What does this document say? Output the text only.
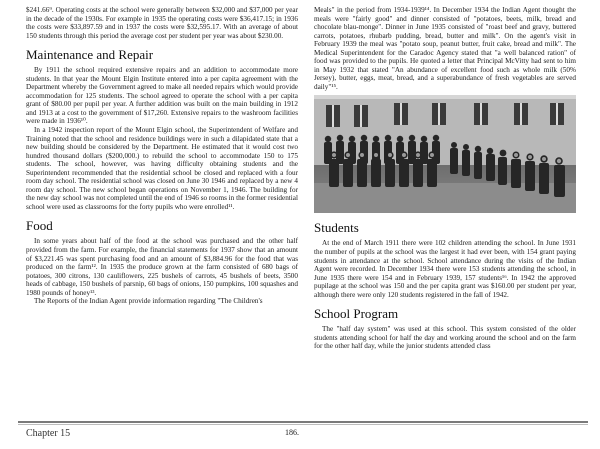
$241.66⁹. Operating costs at the school were generally between $32,000 and $37,000 per year in the decade of the 1930s. For example in 1935 the operating costs were $36,417.15; in 1936 the costs were $33,897.59 and in 1937 the costs were $32,595.17. With an average of about 150 students through this period the average cost per student per year was about $230.00.

Maintenance and Repair

By 1911 the school required extensive repairs and an addition to accommodate more students. In that year the Mount Elgin Institute entered into a per capita agreement with the Department whereby the Government agreed to make all needed repairs which would provide accommodation for 125 students. The school agreed to operate the school with a per capita grant of $80.00 per pupil per year. A further addition was built on the main building in 1912 and 1913 at a cost to the government of $17,260. Extensive repairs to the washroom facilities were made in 1936¹⁰.

In a 1942 inspection report of the Mount Elgin school, the Superintendent of Welfare and Training noted that the school and residence buildings were in such a dilapidated state that a new building should be considered by the Department. He estimated that it would cost two hundred thousand dollars ($200,000.) to rebuild the school to accommodate 150 to 175 students. The school, however, was having difficulty obtaining students and the Superintendent recommended that the residential school be closed and replaced with a four room day school. The residential school was closed on June 30 1946 and replaced by a new 4 room day school. The new school began operations on November 1, 1946. The building for the new day school was not completed until the end of 1946 so rooms in the former residential school were used as classrooms for the forty pupils who were enrolled¹¹.

Food

In some years about half of the food at the school was purchased and the other half provided from the farm. For example, the financial statements for 1937 show that an amount of $3,221.45 was spent purchasing food and an amount of $3,884.96 for the food that was produced on the farm¹². In 1935 the produce grown at the farm consisted of 680 bags of potatoes, 300 citrons, 130 cauliflowers, 225 bushels of carrots, 45 bushels of beets, 3500 heads of cabbage, 150 bushels of parsnip, 60 bags of onions, 150 pumpkins, 100 squashes and 1980 pounds of honey¹³.

The Reports of the Indian Agent provide information regarding "The Children's

Meals" in the period from 1934-1939¹⁴. In December 1934 the Indian Agent thought the meals were "fairly good" and dinner consisted of "potatoes, beets, milk, bread and chocolate blau-monge". Dinner in June 1935 consisted of "roast beef and gravy, buttered carrots, potatoes, rhubarb pudding, bread, butter and milk". On the agent's visit in February 1939 the meal was "potato soup, peanut butter, fruit cake, bread and milk". The Medical Superintendent for the Caradoc Agency stated that "a well balanced ration" of food was provided to the pupils. He quoted a letter that Principal McVitty had sent to him in May 1932 that stated "An abundance of excellent food such as whole milk (50% Jersey), butter, eggs, meat, bread, and a superabundance of fresh vegetables are served daily"¹⁵.

Students

At the end of March 1911 there were 102 children attending the school. In June 1931 the number of pupils at the school was the largest it had ever been, with 154 grant paying students in attendance at the school. School attendance during the visits of the Indian Agent were recorded. In December 1934 there were 153 students attending the school, in June 1935 there were 154 and in February 1939, 157 students¹⁶. In 1942 the approved pupilage at the school was 150 and the per capita grant was $160.00 per student per year, although there were only 120 students registered in the fall of 1942.

School Program

The "half day system" was used at this school. This system consisted of the older students attending school for half the day and working around the school and on the farm for the other half day, while the junior students attended class

Chapter 15	186.
